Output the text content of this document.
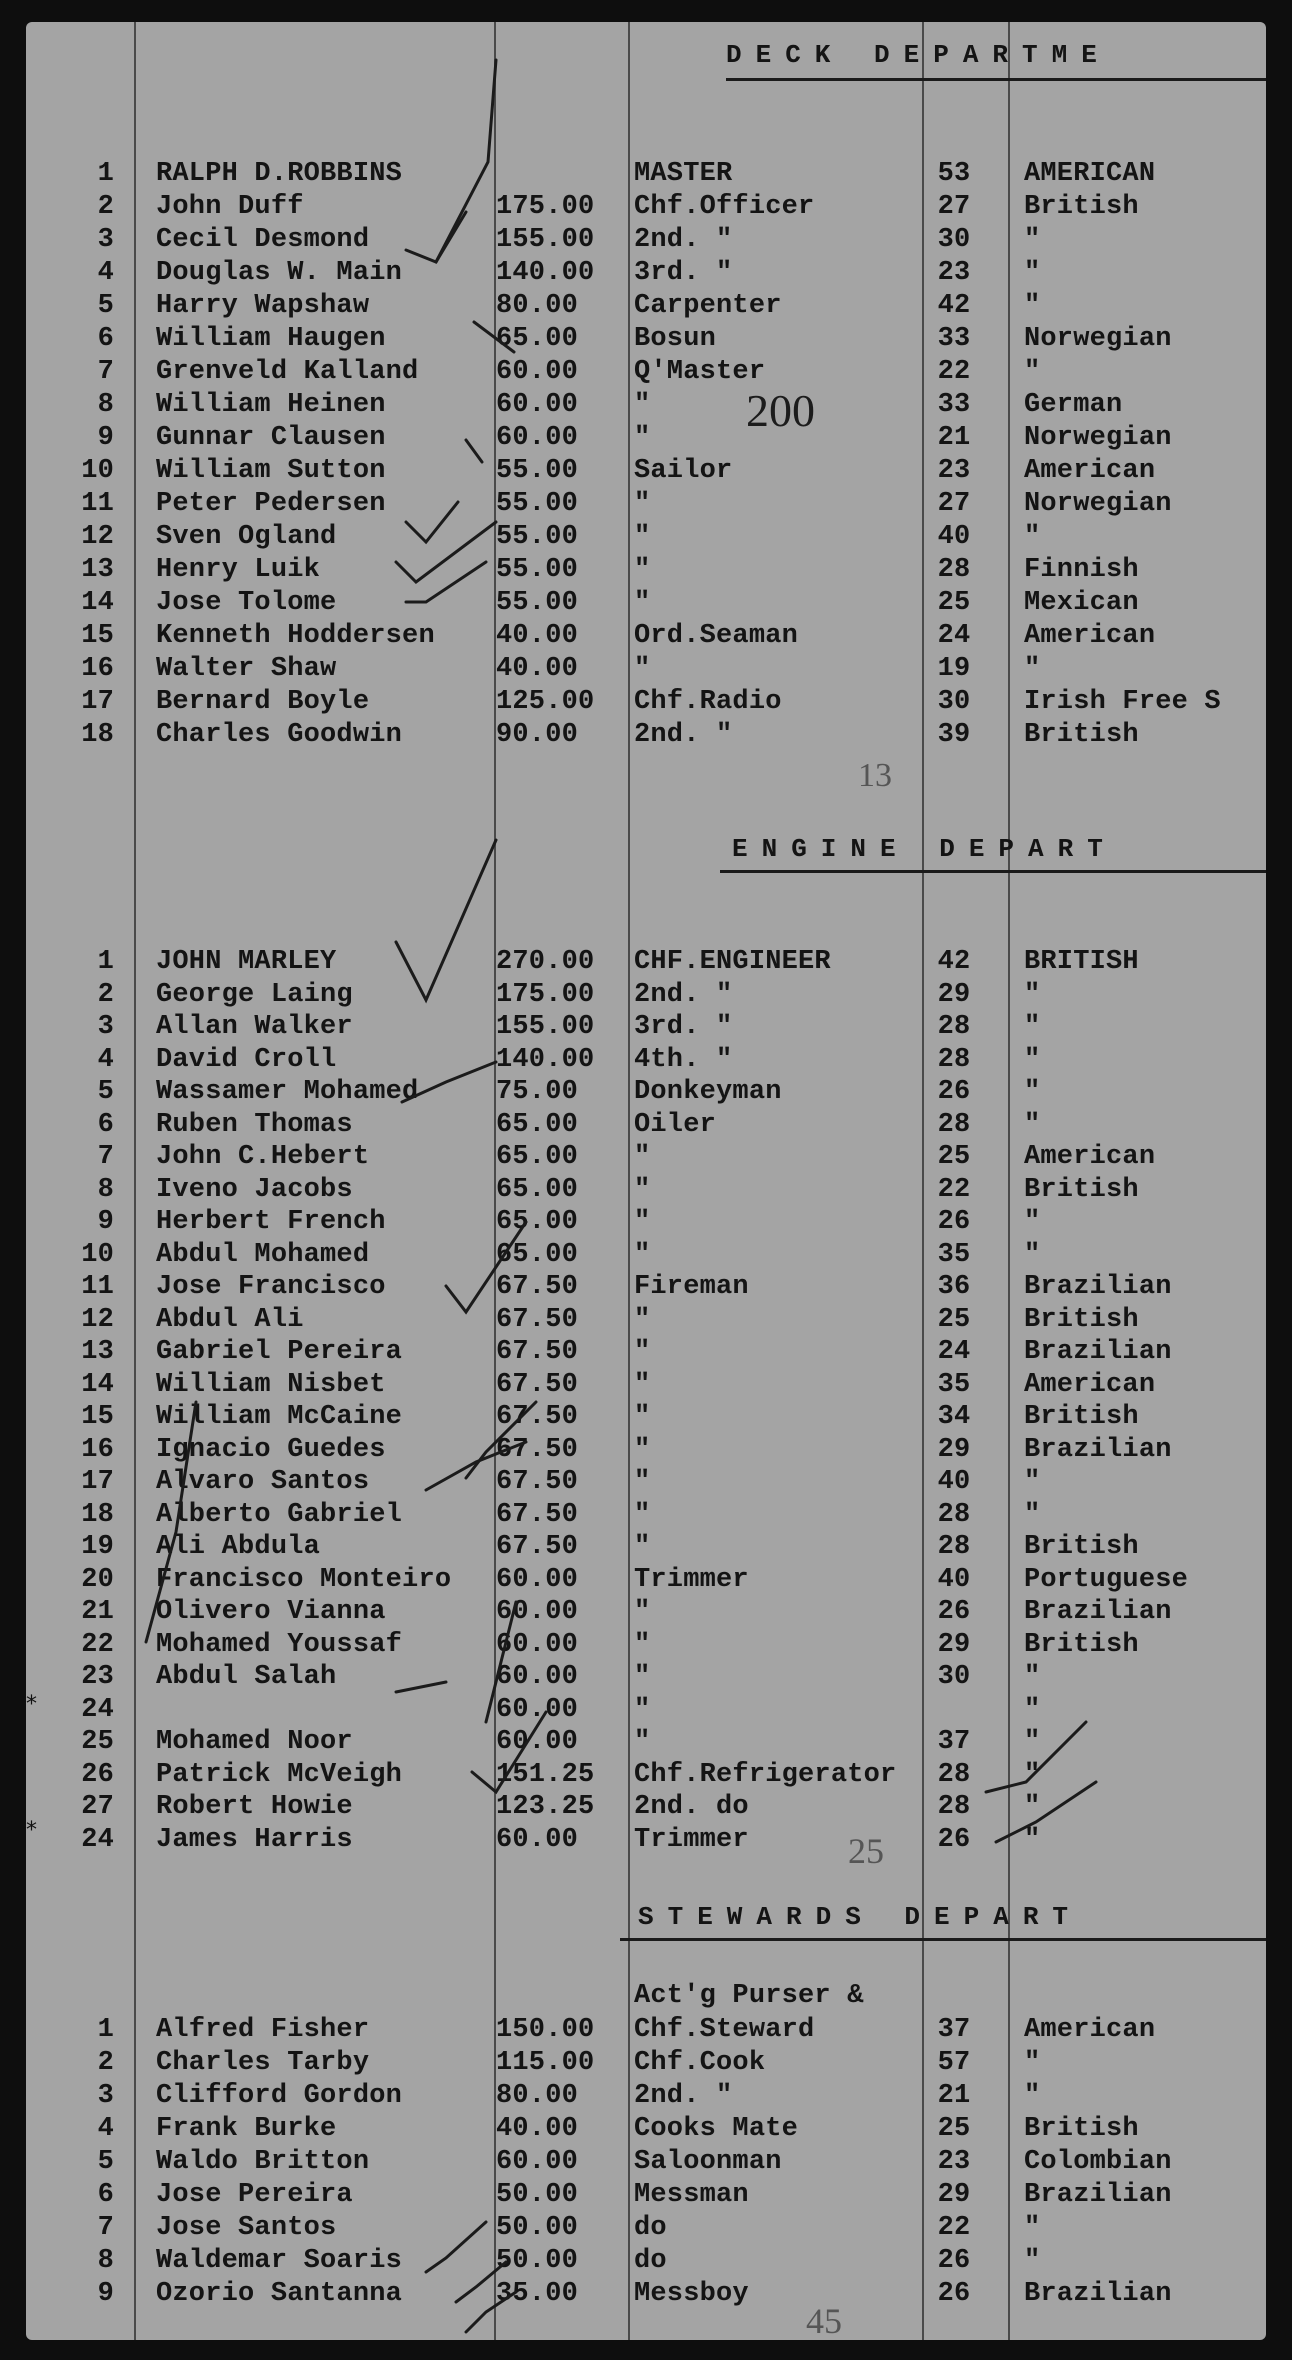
DECK DEPARTME
1 RALPH D.ROBBINS	MASTER	53	AMERICAN
2 John Duff	175.00 Chf.Officer	27	British
3 Cecil Desmond	155.00 2nd. "	30	"
4 Douglas W. Main	140.00 3rd. "	23	"
5 Harry Wapshaw	80.00 Carpenter	42	"
6 William Haugen	65.00 Bosun	33	Norwegian
7 Grenveld Kalland	60.00 Q'Master	22	"
8 William Heinen	60.00 "	33	German
9 Gunnar Clausen	60.00 "	21	Norwegian
10 William Sutton	55.00 Sailor	23	American
11 Peter Pedersen	55.00 "	27	Norwegian
12 Sven Ogland	55.00 "	40	"
13 Henry Luik	55.00 "	28	Finnish
14 Jose Tolome	55.00 "	25	Mexican
15 Kenneth Hoddersen 40.00 Ord.Seaman	24	American
16 Walter Shaw	40.00 "	19	"
17 Bernard Boyle	125.00 Chf.Radio	30	Irish Free S
18 Charles Goodwin	90.00 2nd. "	39	British
13
ENGINE DEPART
1 JOHN MARLEY	270.00 CHF.ENGINEER	42	BRITISH
2 George Laing	175.00 2nd. "	29	"
3 Allan Walker	155.00 3rd. "	28	"
4 David Croll	140.00 4th. "	28	"
5 Wassamer Mohamed	75.00 Donkeyman	26	"
6 Ruben Thomas	65.00 Oiler	28	"
7 John C.Hebert	65.00 "	25	American
8 Iveno Jacobs	65.00 "	22	British
9 Herbert French	65.00 "	26	"
10 Abdul Mohamed	65.00 "	35	"
11 Jose Francisco	67.50 Fireman	36	Brazilian
12 Abdul Ali	67.50 "	25	British
13 Gabriel Pereira	67.50 "	24	Brazilian
14 William Nisbet	67.50 "	35	American
15 William McCaine	67.50 "	34	British
16 Ignacio Guedes	67.50 "	29	Brazilian
17 Alvaro Santos	67.50 "	40	"
18 Alberto Gabriel	67.50 "	28	"
19 Ali Abdula	67.50 "	28	British
20 Francisco Monteiro 60.00 Trimmer	40	Portuguese
21 Olivero Vianna	60.00 "	26	Brazilian
22 Mohamed Youssaf	60.00 "	29	British
23 Abdul Salah	60.00 "	30	"
24	60.00 "	"
25 Mohamed Noor	60.00 "	37	"
26 Patrick McVeigh	151.25 Chf.Refrigerator	28	"
27 Robert Howie	123.25 2nd. do	28	"
24 James Harris	60.00 Trimmer	26	"
25
STEWARDS DEPART
Act'g Purser &
1 Alfred Fisher	150.00 Chf.Steward	37	American
2 Charles Tarby	115.00 Chf.Cook	57	"
3 Clifford Gordon	80.00 2nd. "	21	"
4 Frank Burke	40.00 Cooks Mate	25	British
5 Waldo Britton	60.00 Saloonman	23	Colombian
6 Jose Pereira	50.00 Messman	29	Brazilian
7 Jose Santos	50.00 do	22	"
8 Waldemar Soaris	50.00 do	26	"
9 Ozorio Santanna	35.00 Messboy	26	Brazilian
200
45
*
*
